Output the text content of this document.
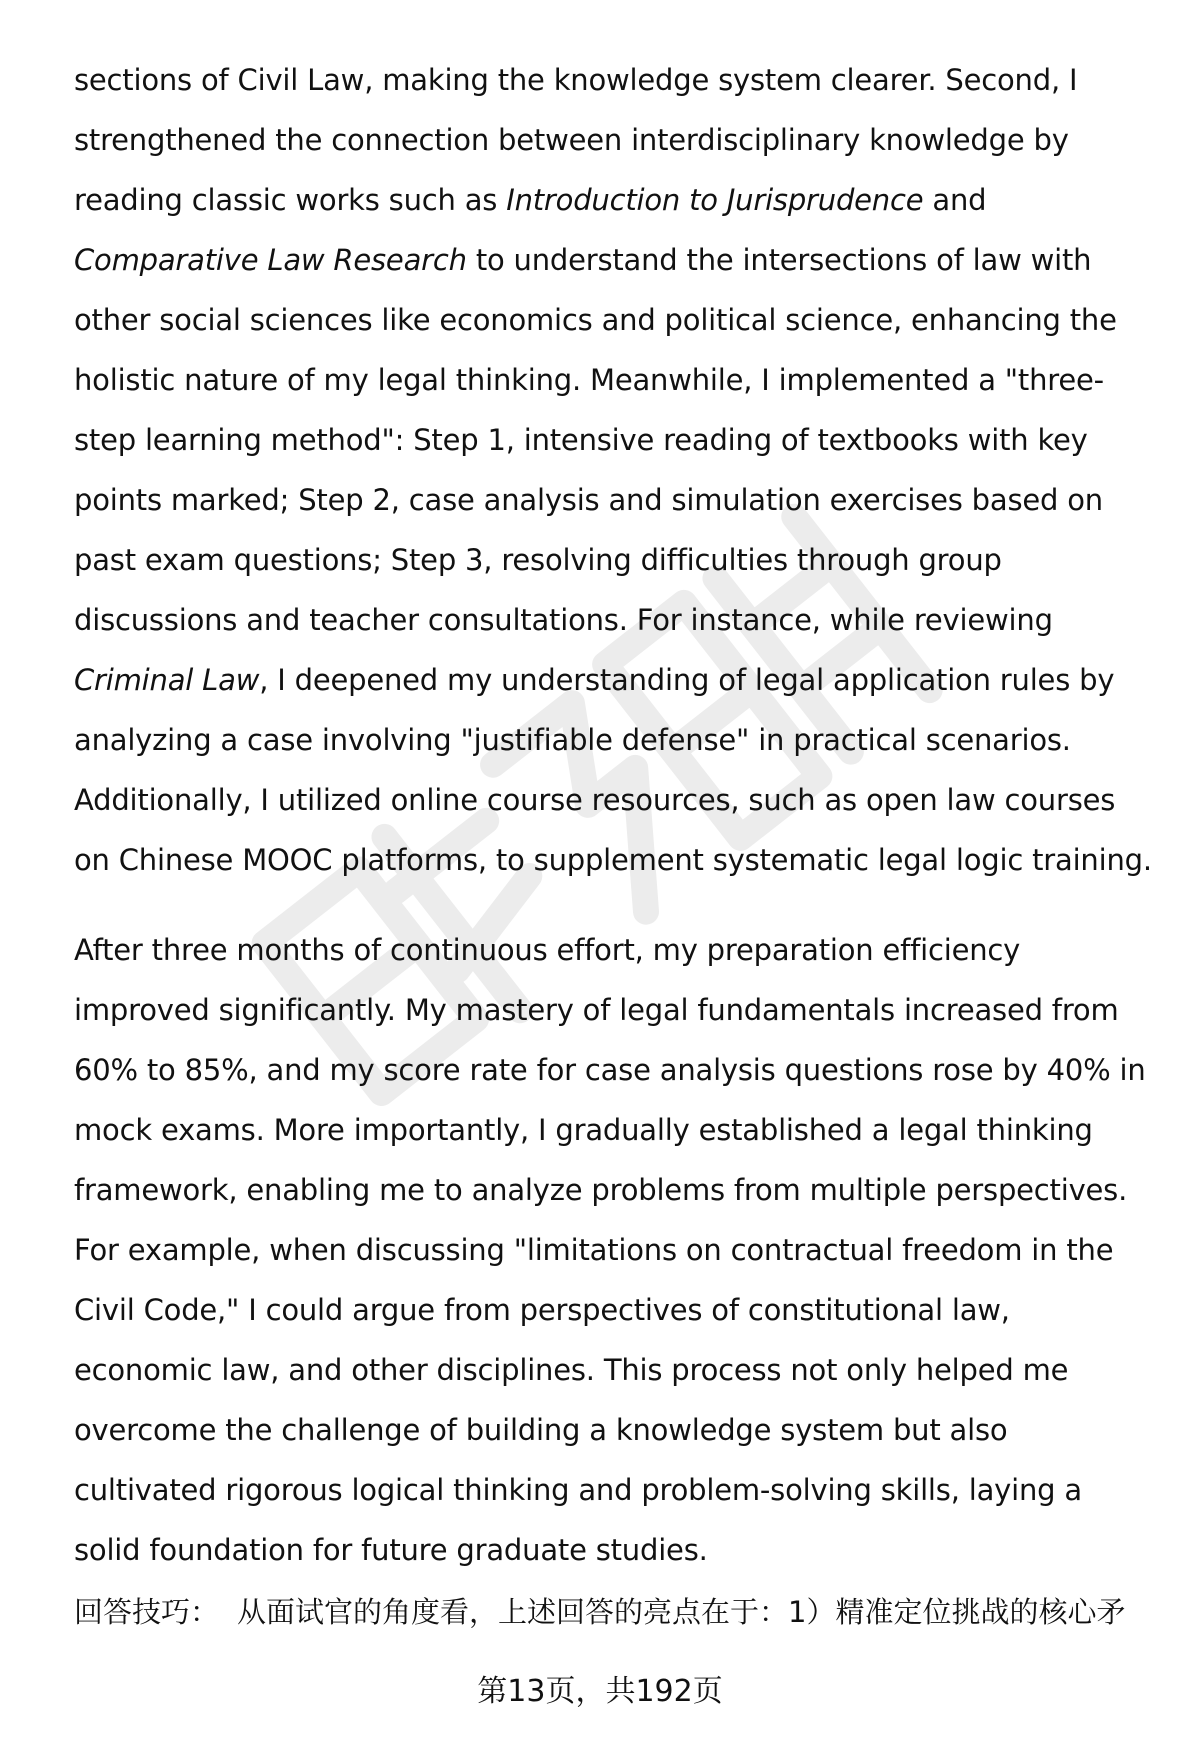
sections of Civil Law, making the knowledge system clearer. Second, I strengthened the connection between interdisciplinary knowledge by reading classic works such as Introduction to Jurisprudence and Comparative Law Research to understand the intersections of law with other social sciences like economics and political science, enhancing the holistic nature of my legal thinking. Meanwhile, I implemented a "three-step learning method": Step 1, intensive reading of textbooks with key points marked; Step 2, case analysis and simulation exercises based on past exam questions; Step 3, resolving difficulties through group discussions and teacher consultations. For instance, while reviewing Criminal Law, I deepened my understanding of legal application rules by analyzing a case involving "justifiable defense" in practical scenarios. Additionally, I utilized online course resources, such as open law courses on Chinese MOOC platforms, to supplement systematic legal logic training.

After three months of continuous effort, my preparation efficiency improved significantly. My mastery of legal fundamentals increased from 60% to 85%, and my score rate for case analysis questions rose by 40% in mock exams. More importantly, I gradually established a legal thinking framework, enabling me to analyze problems from multiple perspectives. For example, when discussing "limitations on contractual freedom in the Civil Code," I could argue from perspectives of constitutional law, economic law, and other disciplines. This process not only helped me overcome the challenge of building a knowledge system but also cultivated rigorous logical thinking and problem-solving skills, laying a solid foundation for future graduate studies.

回答技巧： 从面试官的角度看，上述回答的亮点在于：1）精准定位挑战的核心矛
第13页，共192页
